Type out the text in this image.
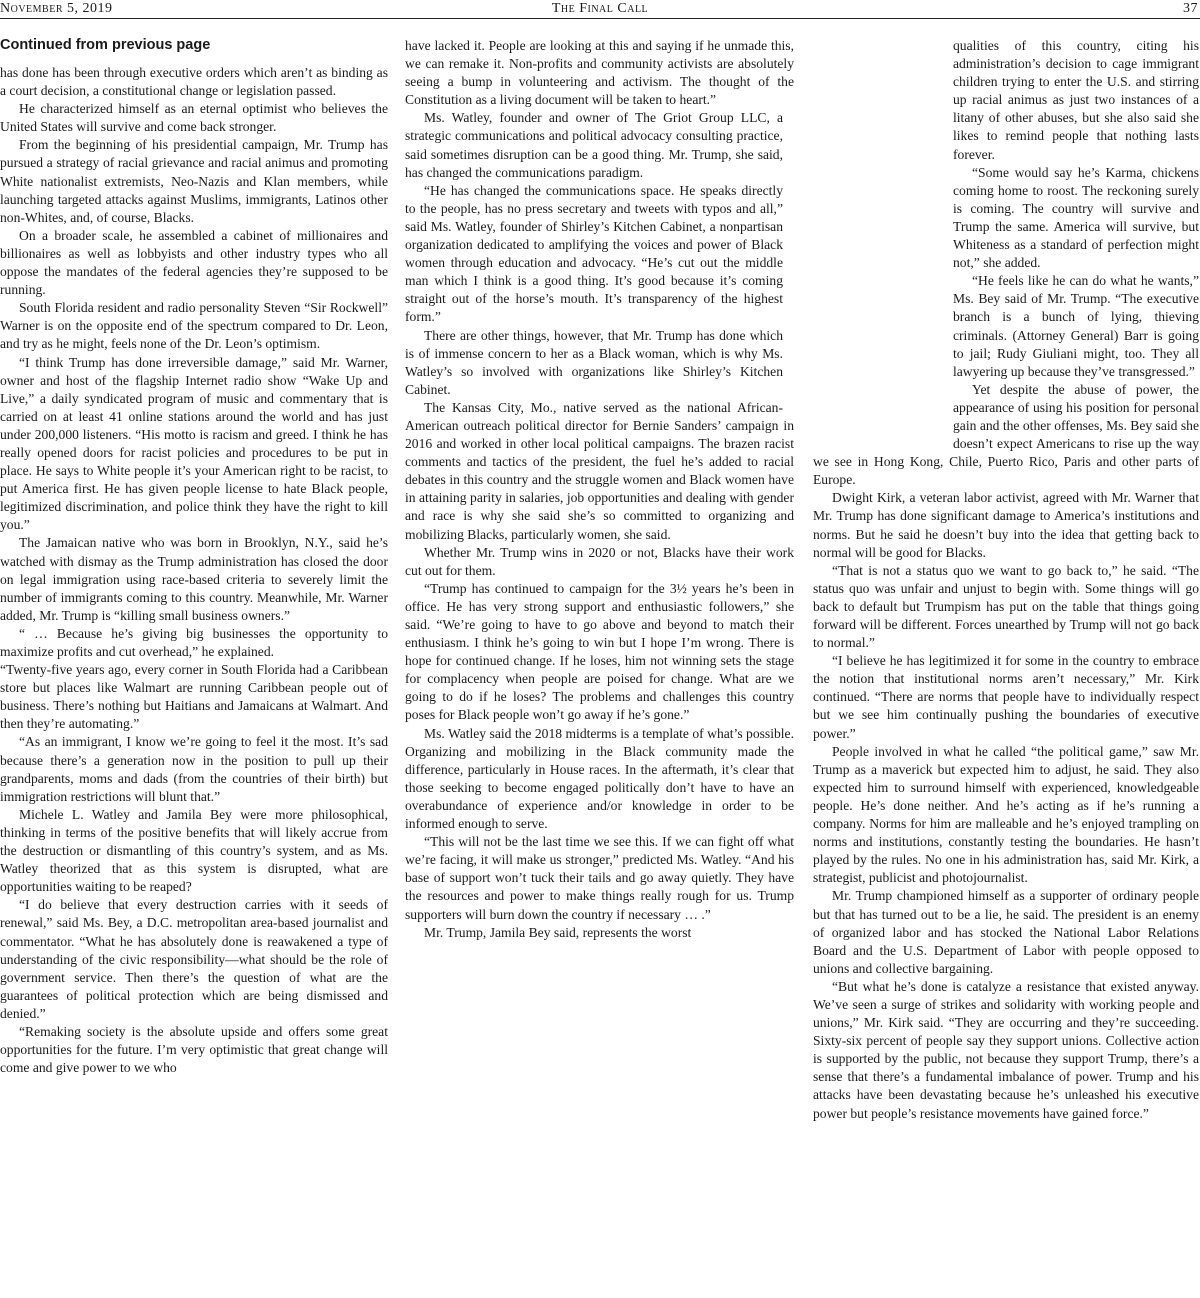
The Final Call
November 5, 2019	37
Continued from previous page

has done has been through executive orders which aren’t as binding as a court decision, a constitutional change or legislation passed.

He characterized himself as an eternal optimist who believes the United States will survive and come back stronger.

From the beginning of his presidential campaign, Mr. Trump has pursued a strategy of racial grievance and racial animus and promoting White nationalist extremists, Neo-Nazis and Klan members, while launching targeted attacks against Muslims, immigrants, Latinos other non-Whites, and, of course, Blacks.

On a broader scale, he assembled a cabinet of millionaires and billionaires as well as lobbyists and other industry types who all oppose the mandates of the federal agencies they’re supposed to be running.

South Florida resident and radio personality Steven “Sir Rockwell” Warner is on the opposite end of the spectrum compared to Dr. Leon, and try as he might, feels none of the Dr. Leon’s optimism.

“I think Trump has done irreversible damage,” said Mr. Warner, owner and host of the flagship Internet radio show “Wake Up and Live,” a daily syndicated program of music and commentary that is carried on at least 41 online stations around the world and has just under 200,000 listeners. “His motto is racism and greed. I think he has really opened doors for racist policies and procedures to be put in place. He says to White people it’s your American right to be racist, to put America first. He has given people license to hate Black people, legitimized discrimination, and police think they have the right to kill you.”

The Jamaican native who was born in Brooklyn, N.Y., said he’s watched with dismay as the Trump administration has closed the door on legal immigration using race-based criteria to severely limit the number of immigrants coming to this country. Meanwhile, Mr. Warner added, Mr. Trump is “killing small business owners.”

“ … Because he’s giving big businesses the opportunity to maximize profits and cut overhead,” he explained.

“Twenty-five years ago, every corner in South Florida had a Caribbean store but places like Walmart are running Caribbean people out of business. There’s nothing but Haitians and Jamaicans at Walmart. And then they’re automating.”

“As an immigrant, I know we’re going to feel it the most. It’s sad because there’s a generation now in the position to pull up their grandparents, moms and dads (from the countries of their birth) but immigration restrictions will blunt that.”

Michele L. Watley and Jamila Bey were more philosophical, thinking in terms of the positive benefits that will likely accrue from the destruction or dismantling of this country’s system, and as Ms. Watley theorized that as this system is disrupted, what are opportunities waiting to be reaped?

“I do believe that every destruction carries with it seeds of renewal,” said Ms. Bey, a D.C. metropolitan area-based journalist and commentator. “What he has absolutely done is reawakened a type of understanding of the civic responsibility—what should be the role of government service. Then there’s the question of what are the guarantees of political protection which are being dismissed and denied.”

“Remaking society is the absolute upside and offers some great opportunities for the future. I’m very optimistic that great change will come and give power to we who

have lacked it. People are looking at this and saying if he unmade this, we can remake it. Non-profits and community activists are absolutely seeing a bump in volunteering and activism. The thought of the Constitution as a living document will be taken to heart.”

Ms. Watley, founder and owner of The Griot Group LLC, a strategic communications and political advocacy consulting practice, said sometimes disruption can be a good thing. Mr. Trump, she said, has changed the communications paradigm.

“He has changed the communications space. He speaks directly to the people, has no press secretary and tweets with typos and all,” said Ms. Watley, founder of Shirley’s Kitchen Cabinet, a nonpartisan organization dedicated to amplifying the voices and power of Black women through education and advocacy. “He’s cut out the middle man which I think is a good thing. It’s good because it’s coming straight out of the horse’s mouth. It’s transparency of the highest form.”

There are other things, however, that Mr. Trump has done which is of immense concern to her as a Black woman, which is why Ms. Watley’s so involved with organizations like Shirley’s Kitchen Cabinet.

The Kansas City, Mo., native served as the national African-American outreach political director for Bernie Sanders’ campaign in 2016 and worked in other local political campaigns. The brazen racist comments and tactics of the president, the fuel he’s added to racial debates in this country and the struggle women and Black women have in attaining parity in salaries, job opportunities and dealing with gender and race is why she said she’s so committed to organizing and mobilizing Blacks, particularly women, she said.

Whether Mr. Trump wins in 2020 or not, Blacks have their work cut out for them.

“Trump has continued to campaign for the 3½ years he’s been in office. He has very strong support and enthusiastic followers,” she said. “We’re going to have to go above and beyond to match their enthusiasm. I think he’s going to win but I hope I’m wrong. There is hope for continued change. If he loses, him not winning sets the stage for complacency when people are poised for change. What are we going to do if he loses? The problems and challenges this country poses for Black people won’t go away if he’s gone.”

Ms. Watley said the 2018 midterms is a template of what’s possible. Organizing and mobilizing in the Black community made the difference, particularly in House races. In the aftermath, it’s clear that those seeking to become engaged politically don’t have to have an overabundance of experience and/or knowledge in order to be informed enough to serve.

“This will not be the last time we see this. If we can fight off what we’re facing, it will make us stronger,” predicted Ms. Watley. “And his base of support won’t tuck their tails and go away quietly. They have the resources and power to make things really rough for us. Trump supporters will burn down the country if necessary … .”

Mr. Trump, Jamila Bey said, represents the worst

qualities of this country, citing his administration’s decision to cage immigrant children trying to enter the U.S. and stirring up racial animus as just two instances of a litany of other abuses, but she also said she likes to remind people that nothing lasts forever.

“Some would say he’s Karma, chickens coming home to roost. The reckoning surely is coming. The country will survive and Trump the same. America will survive, but Whiteness as a standard of perfection might not,” she added.

“He feels like he can do what he wants,” Ms. Bey said of Mr. Trump. “The executive branch is a bunch of lying, thieving criminals. (Attorney General) Barr is going to jail; Rudy Giuliani might, too. They all lawyering up because they’ve transgressed.”

Yet despite the abuse of power, the appearance of using his position for personal gain and the other offenses, Ms. Bey said she doesn’t expect Americans to rise up the way we see in Hong Kong, Chile, Puerto Rico, Paris and other parts of Europe.

Dwight Kirk, a veteran labor activist, agreed with Mr. Warner that Mr. Trump has done significant damage to America’s institutions and norms. But he said he doesn’t buy into the idea that getting back to normal will be good for Blacks.

“That is not a status quo we want to go back to,” he said. “The status quo was unfair and unjust to begin with. Some things will go back to default but Trumpism has put on the table that things going forward will be different. Forces unearthed by Trump will not go back to normal.”

“I believe he has legitimized it for some in the country to embrace the notion that institutional norms aren’t necessary,” Mr. Kirk continued. “There are norms that people have to individually respect but we see him continually pushing the boundaries of executive power.”

People involved in what he called “the political game,” saw Mr. Trump as a maverick but expected him to adjust, he said. They also expected him to surround himself with experienced, knowledgeable people. He’s done neither. And he’s acting as if he’s running a company. Norms for him are malleable and he’s enjoyed trampling on norms and institutions, constantly testing the boundaries. He hasn’t played by the rules. No one in his administration has, said Mr. Kirk, a strategist, publicist and photojournalist.

Mr. Trump championed himself as a supporter of ordinary people but that has turned out to be a lie, he said. The president is an enemy of organized labor and has stocked the National Labor Relations Board and the U.S. Department of Labor with people opposed to unions and collective bargaining.

“But what he’s done is catalyze a resistance that existed anyway. We’ve seen a surge of strikes and solidarity with working people and unions,” Mr. Kirk said. “They are occurring and they’re succeeding. Sixty-six percent of people say they support unions. Collective action is supported by the public, not because they support Trump, there’s a sense that there’s a fundamental imbalance of power. Trump and his attacks have been devastating because he’s unleashed his executive power but people’s resistance movements have gained force.”
